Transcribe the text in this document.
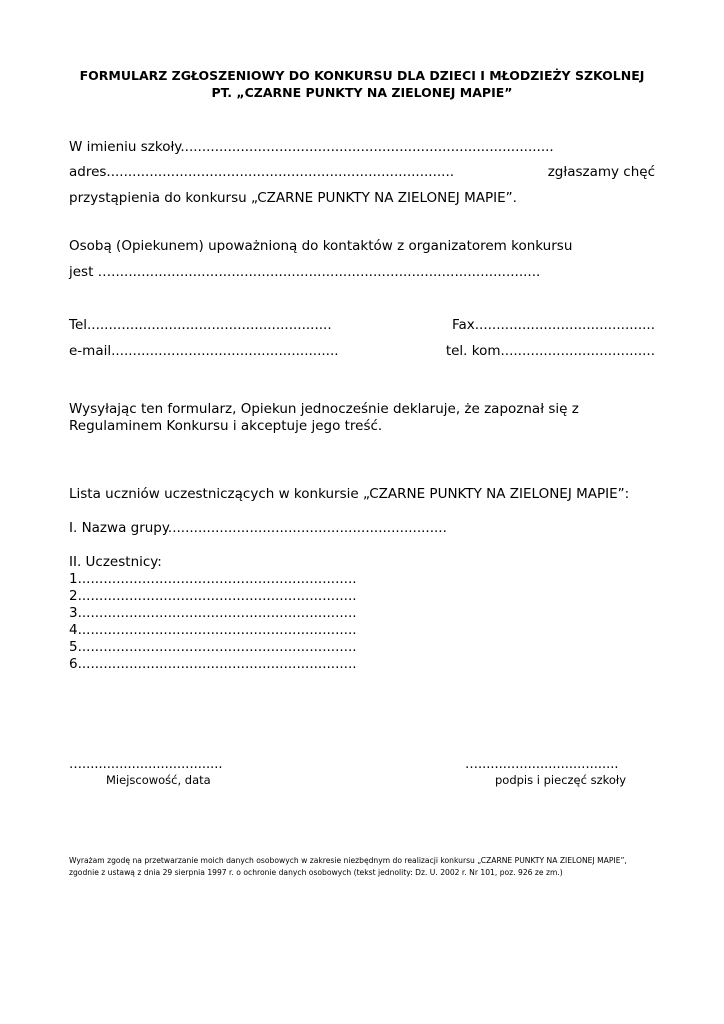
FORMULARZ ZGŁOSZENIOWY DO KONKURSU DLA DZIECI I MŁODZIEŻY SZKOLNEJ
PT. „CZARNE PUNKTY NA ZIELONEJ MAPIE”
W imieniu szkoły.......................................................................................
adres.................................................................................	zgłaszamy chęć
przystąpienia do konkursu „CZARNE PUNKTY NA ZIELONEJ MAPIE”.
Osobą (Opiekunem) upoważnioną do kontaktów z organizatorem konkursu
jest …....................................................................................................
Tel.........................................................	Fax..........................................
e-mail.....................................................	tel. kom....................................
Wysyłając ten formularz, Opiekun jednocześnie deklaruje, że zapoznał się z
Regulaminem Konkursu i akceptuje jego treść.
Lista uczniów uczestniczących w konkursie „CZARNE PUNKTY NA ZIELONEJ MAPIE”:
I. Nazwa grupy.................................................................
II. Uczestnicy:
1.................................................................
2.................................................................
3.................................................................
4.................................................................
5.................................................................
6.................................................................
…..................................
Miejscowość, data
…..................................
podpis i pieczęć szkoły
Wyrażam zgodę na przetwarzanie moich danych osobowych w zakresie niezbędnym do realizacji konkursu „CZARNE PUNKTY NA ZIELONEJ MAPIE”,
zgodnie z ustawą z dnia 29 sierpnia 1997 r. o ochronie danych osobowych (tekst jednolity: Dz. U. 2002 r. Nr 101, poz. 926 ze zm.)
